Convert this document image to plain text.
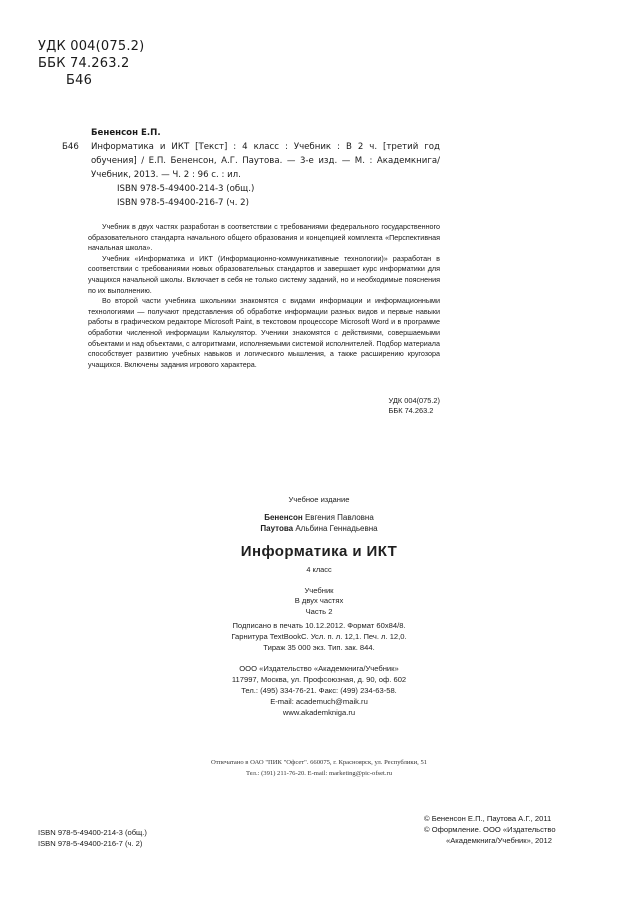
УДК 004(075.2)
ББК 74.263.2
Б46
Бененсон Е.П.
Б46	Информатика и ИКТ [Текст] : 4 класс : Учебник : В 2 ч. [третий год обучения] / Е.П. Бененсон, А.Г. Паутова. — 3-е изд. — М. : Академкнига/Учебник, 2013. — Ч. 2 : 96 с. : ил.
ISBN 978-5-49400-214-3 (общ.)
ISBN 978-5-49400-216-7 (ч. 2)

Учебник в двух частях разработан в соответствии с требованиями федерального государственного образовательного стандарта начального общего образования и концепцией комплекта «Перспективная начальная школа».

Учебник «Информатика и ИКТ (Информационно-коммуникативные технологии)» разработан в соответствии с требованиями новых образовательных стандартов и завершает курс информатики для учащихся начальной школы. Включает в себя не только систему заданий, но и необходимые пояснения по их выполнению.

Во второй части учебника школьники знакомятся с видами информации и информационными технологиями — получают представления об обработке информации разных видов и первые навыки работы в графическом редакторе Microsoft Paint, в текстовом процессоре Microsoft Word и в программе обработки численной информации Калькулятор. Ученики знакомятся с действиями, совершаемыми объектами и над объектами, с алгоритмами, исполняемыми системой исполнителей. Подбор материала способствует развитию учебных навыков и логического мышления, а также расширению кругозора учащихся. Включены задания игрового характера.

УДК 004(075.2)
ББК 74.263.2
Учебное издание
Бененсон Евгения Павловна
Паутова Альбина Геннадьевна
Информатика и ИКТ
4 класс
Учебник
В двух частях
Часть 2
Подписано в печать 10.12.2012. Формат 60х84/8.
Гарнитура TextBookC. Усл. п. л. 12,1. Печ. л. 12,0.
Тираж 35 000 экз. Тип. зак. 844.
ООО «Издательство «Академкнига/Учебник»
117997, Москва, ул. Профсоюзная, д. 90, оф. 602
Тел.: (495) 334-76-21. Факс: (499) 234-63-58.
E-mail: academuch@maik.ru
www.akademkniga.ru
Отпечатано в ОАО "ПИК "Офсет". 660075, г. Красноярск, ул. Республики, 51
Тел.: (391) 211-76-20. E-mail: marketing@pic-ofset.ru
ISBN 978-5-49400-214-3 (общ.)
ISBN 978-5-49400-216-7 (ч. 2)
© Бененсон Е.П., Паутова А.Г., 2011
© Оформление. ООО «Издательство
«Академкнига/Учебник», 2012
